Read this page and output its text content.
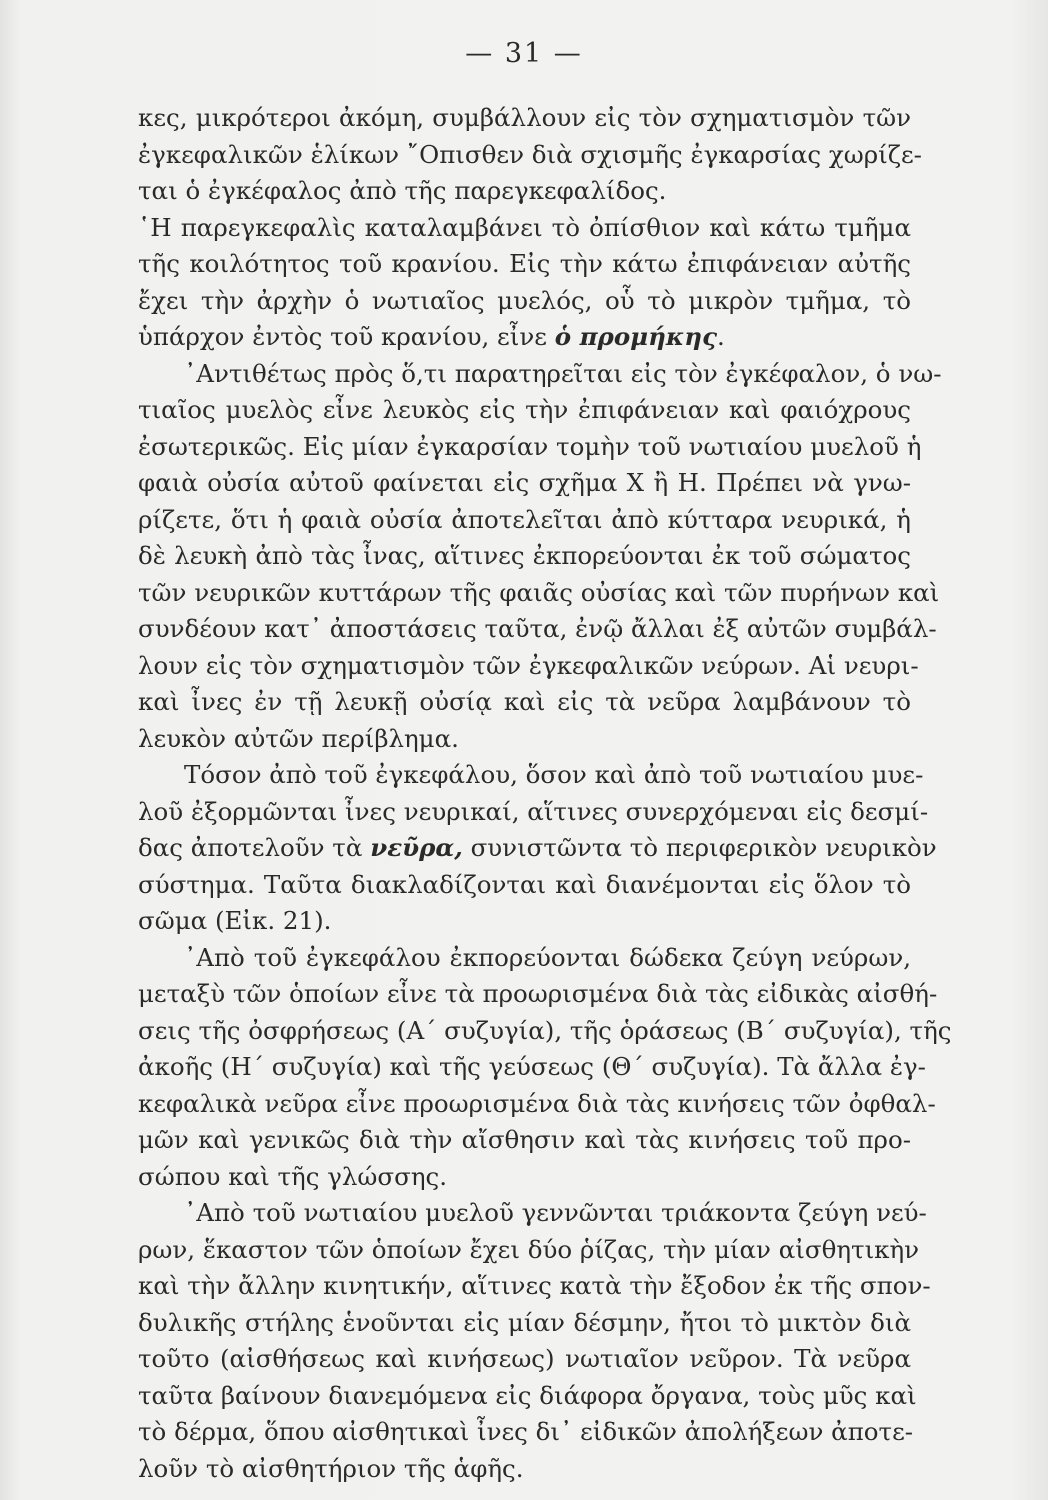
— 31 —
κες, μικρότεροι ἀκόμη, συμβάλλουν εἰς τὸν σχηματισμὸν τῶν
ἐγκεφαλικῶν ἑλίκων ῎Οπισθεν διὰ σχισμῆς ἐγκαρσίας χωρίζε-
ται ὁ ἐγκέφαλος ἀπὸ τῆς παρεγκεφαλίδος.
῾Η παρεγκεφαλὶς καταλαμβάνει τὸ ὀπίσθιον καὶ κάτω τμῆμα
τῆς κοιλότητος τοῦ κρανίου. Εἰς τὴν κάτω ἐπιφάνειαν αὐτῆς
ἔχει τὴν ἀρχὴν ὁ νωτιαῖος μυελός, οὗ τὸ μικρὸν τμῆμα, τὸ
ὑπάρχον ἐντὸς τοῦ κρανίου, εἶνε ὁ προμήκης.
᾿Αντιθέτως πρὸς ὅ,τι παρατηρεῖται εἰς τὸν ἐγκέφαλον, ὁ νω-
τιαῖος μυελὸς εἶνε λευκὸς εἰς τὴν ἐπιφάνειαν καὶ φαιόχρους
ἐσωτερικῶς. Εἰς μίαν ἐγκαρσίαν τομὴν τοῦ νωτιαίου μυελοῦ ἡ
φαιὰ οὐσία αὐτοῦ φαίνεται εἰς σχῆμα Χ ἢ Η. Πρέπει νὰ γνω-
ρίζετε, ὅτι ἡ φαιὰ οὐσία ἀποτελεῖται ἀπὸ κύτταρα νευρικά, ἡ
δὲ λευκὴ ἀπὸ τὰς ἶνας, αἵτινες ἐκπορεύονται ἐκ τοῦ σώματος
τῶν νευρικῶν κυττάρων τῆς φαιᾶς οὐσίας καὶ τῶν πυρήνων καὶ
συνδέουν κατ᾿ ἀποστάσεις ταῦτα, ἐνῷ ἄλλαι ἐξ αὐτῶν συμβάλ-
λουν εἰς τὸν σχηματισμὸν τῶν ἐγκεφαλικῶν νεύρων. Αἱ νευρι-
καὶ ἶνες ἐν τῇ λευκῇ οὐσίᾳ καὶ εἰς τὰ νεῦρα λαμβάνουν τὸ
λευκὸν αὐτῶν περίβλημα.
Τόσον ἀπὸ τοῦ ἐγκεφάλου, ὅσον καὶ ἀπὸ τοῦ νωτιαίου μυε-
λοῦ ἐξορμῶνται ἶνες νευρικαί, αἵτινες συνερχόμεναι εἰς δεσμί-
δας ἀποτελοῦν τὰ νεῦρα, συνιστῶντα τὸ περιφερικὸν νευρικὸν
σύστημα. Ταῦτα διακλαδίζονται καὶ διανέμονται εἰς ὅλον τὸ
σῶμα (Εἰκ. 21).
᾿Απὸ τοῦ ἐγκεφάλου ἐκπορεύονται δώδεκα ζεύγη νεύρων,
μεταξὺ τῶν ὁποίων εἶνε τὰ προωρισμένα διὰ τὰς εἰδικὰς αἰσθή-
σεις τῆς ὀσφρήσεως (Α΄ συζυγία), τῆς ὁράσεως (Β΄ συζυγία), τῆς
ἀκοῆς (Η΄ συζυγία) καὶ τῆς γεύσεως (Θ΄ συζυγία). Τὰ ἄλλα ἐγ-
κεφαλικὰ νεῦρα εἶνε προωρισμένα διὰ τὰς κινήσεις τῶν ὀφθαλ-
μῶν καὶ γενικῶς διὰ τὴν αἴσθησιν καὶ τὰς κινήσεις τοῦ προ-
σώπου καὶ τῆς γλώσσης.
᾿Απὸ τοῦ νωτιαίου μυελοῦ γεννῶνται τριάκοντα ζεύγη νεύ-
ρων, ἕκαστον τῶν ὁποίων ἔχει δύο ῥίζας, τὴν μίαν αἰσθητικὴν
καὶ τὴν ἄλλην κινητικήν, αἵτινες κατὰ τὴν ἔξοδον ἐκ τῆς σπον-
δυλικῆς στήλης ἑνοῦνται εἰς μίαν δέσμην, ἤτοι τὸ μικτὸν διὰ
τοῦτο (αἰσθήσεως καὶ κινήσεως) νωτιαῖον νεῦρον. Τὰ νεῦρα
ταῦτα βαίνουν διανεμόμενα εἰς διάφορα ὄργανα, τοὺς μῦς καὶ
τὸ δέρμα, ὅπου αἰσθητικαὶ ἶνες δι᾿ εἰδικῶν ἀπολήξεων ἀποτε-
λοῦν τὸ αἰσθητήριον τῆς ἁφῆς.
